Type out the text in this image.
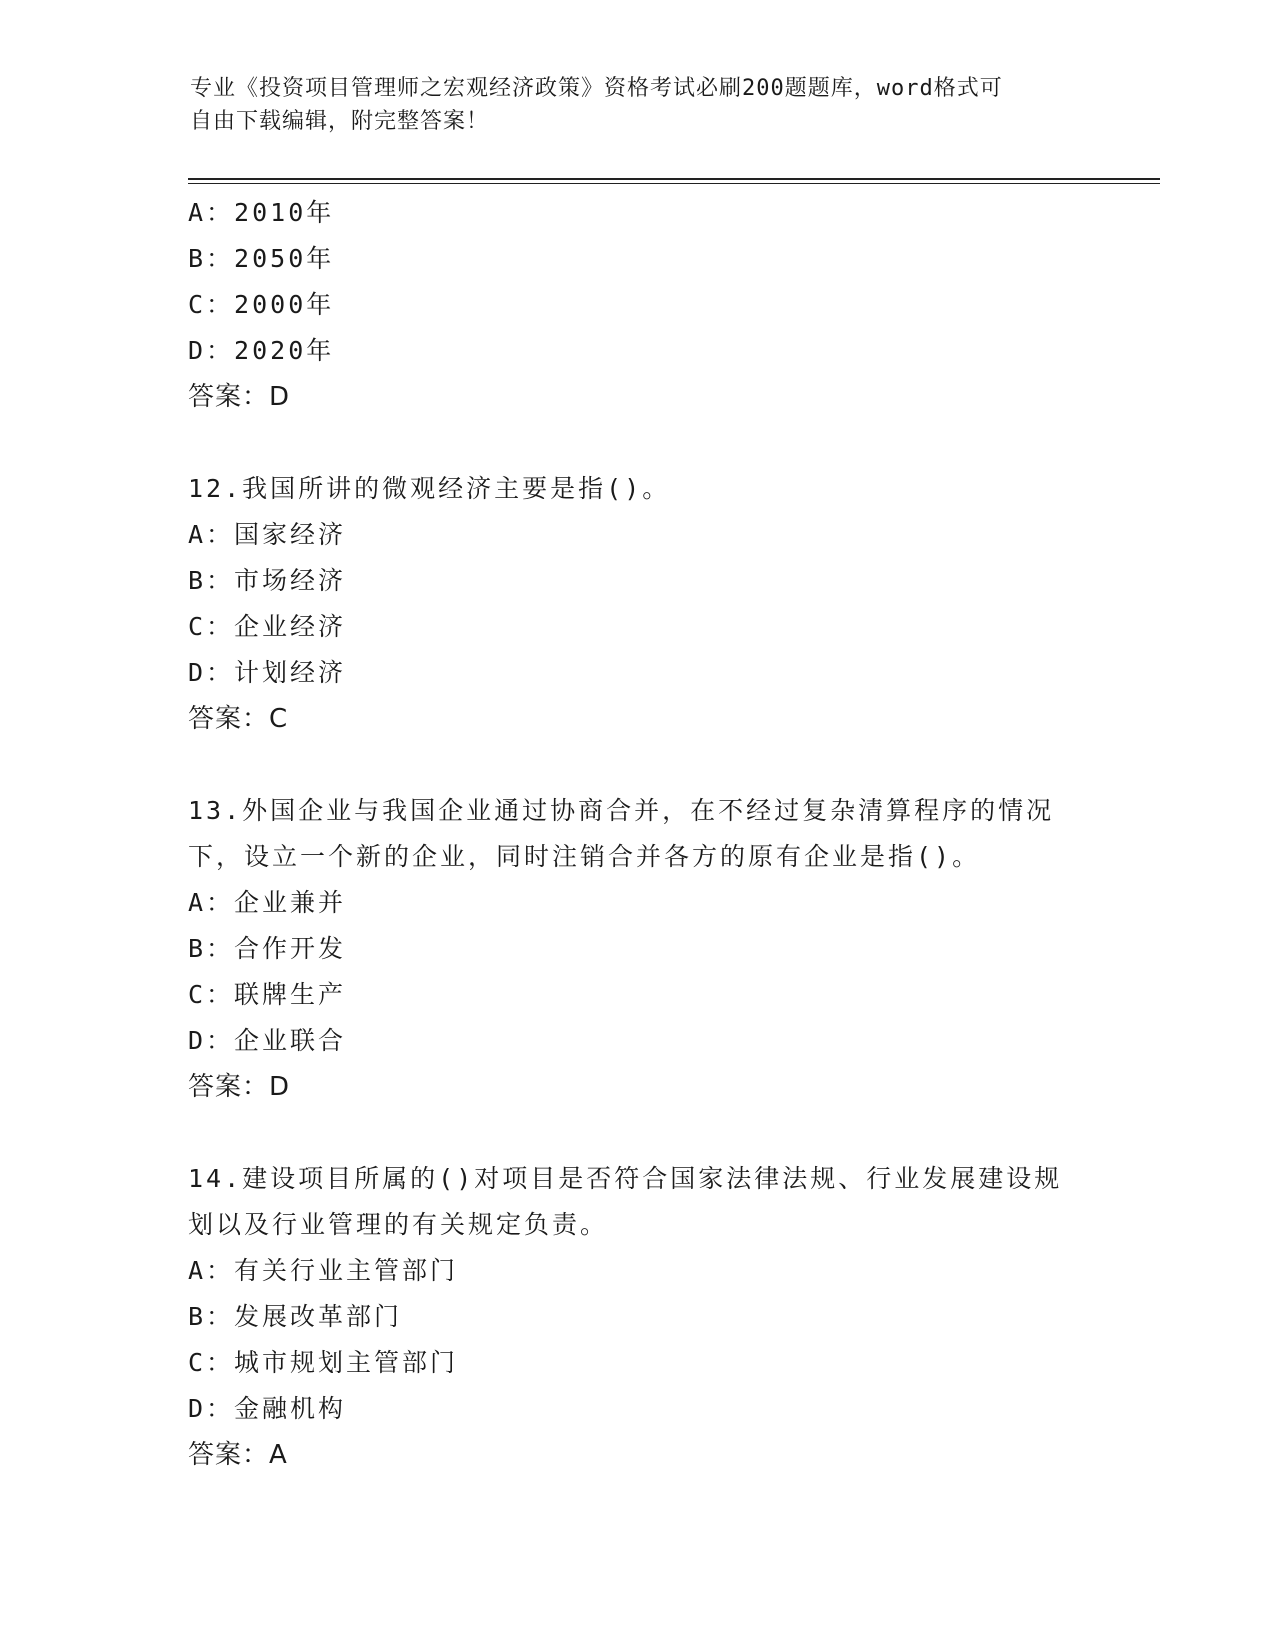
专业《投资项目管理师之宏观经济政策》资格考试必刷200题题库，word格式可
自由下载编辑，附完整答案！

A：2010年

B：2050年

C：2000年

D：2020年

答案：D

12.我国所讲的微观经济主要是指()。

A：国家经济

B：市场经济

C：企业经济

D：计划经济

答案：C

13.外国企业与我国企业通过协商合并，在不经过复杂清算程序的情况

下，设立一个新的企业，同时注销合并各方的原有企业是指()。

A：企业兼并

B：合作开发

C：联牌生产

D：企业联合

答案：D

14.建设项目所属的()对项目是否符合国家法律法规、行业发展建设规

划以及行业管理的有关规定负责。

A：有关行业主管部门

B：发展改革部门

C：城市规划主管部门

D：金融机构

答案：A
